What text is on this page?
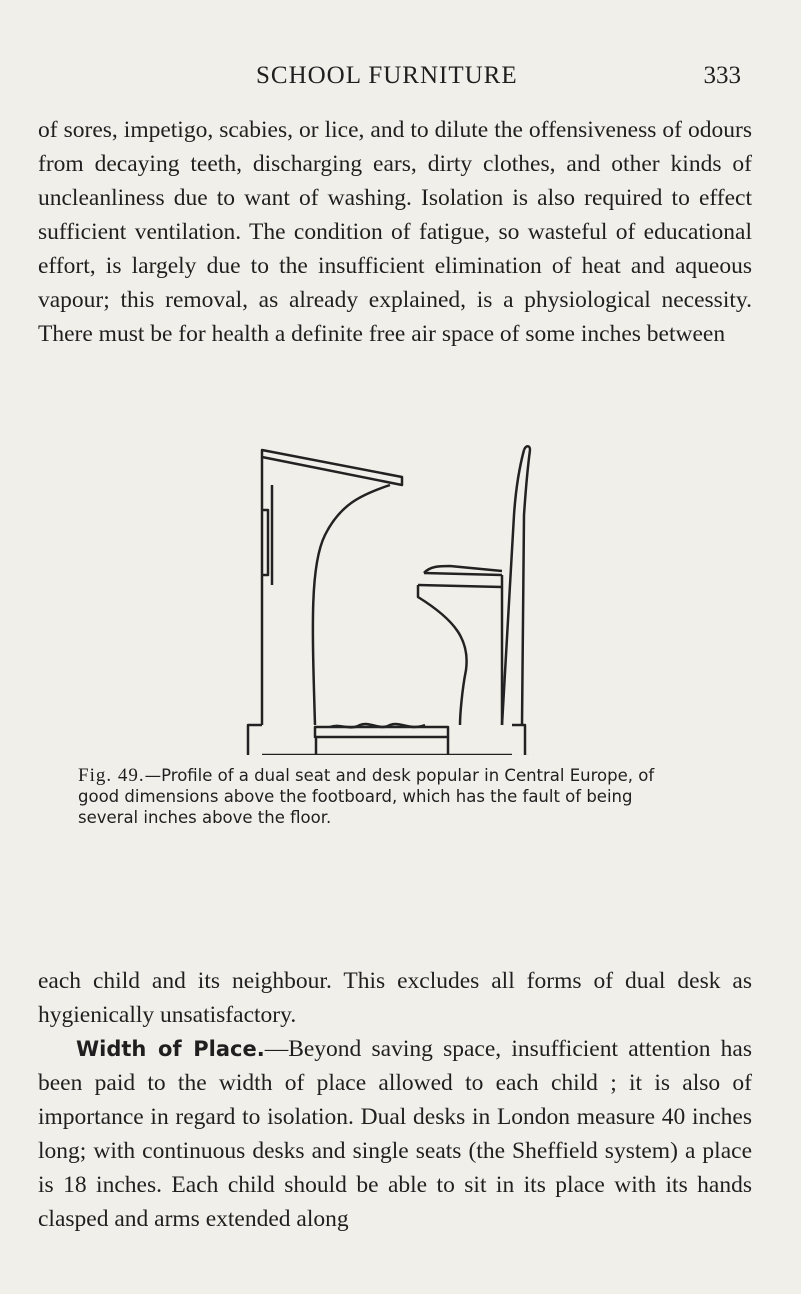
SCHOOL FURNITURE	333

of sores, impetigo, scabies, or lice, and to dilute the offensiveness of odours from decaying teeth, discharging ears, dirty clothes, and other kinds of uncleanliness due to want of washing. Isolation is also required to effect sufficient ventilation. The condition of fatigue, so wasteful of educational effort, is largely due to the insufficient elimination of heat and aqueous vapour; this removal, as already explained, is a physiological necessity. There must be for health a definite free air space of some inches between

Fig. 49.—Profile of a dual seat and desk popular in Central Europe, of good dimensions above the footboard, which has the fault of being several inches above the floor.

each child and its neighbour. This excludes all forms of dual desk as hygienically unsatisfactory.

Width of Place.—Beyond saving space, insufficient attention has been paid to the width of place allowed to each child ; it is also of importance in regard to isolation. Dual desks in London measure 40 inches long; with continuous desks and single seats (the Sheffield system) a place is 18 inches. Each child should be able to sit in its place with its hands clasped and arms extended along
